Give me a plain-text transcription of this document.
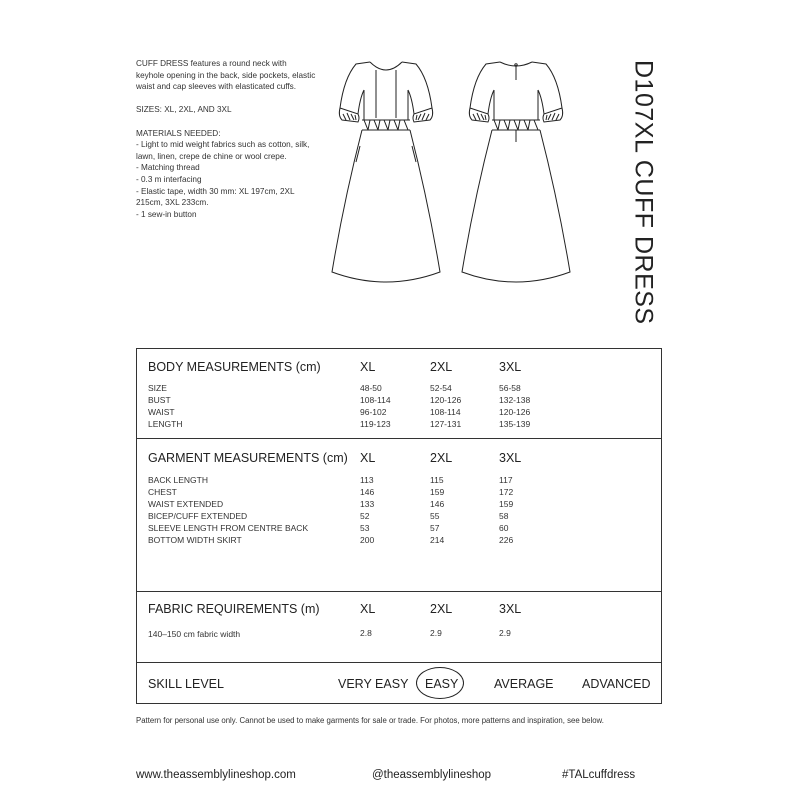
CUFF DRESS features a round neck with keyhole opening in the back, side pockets, elastic waist and cap sleeves with elasticated cuffs.

SIZES: XL, 2XL, AND 3XL

MATERIALS NEEDED:

- Light to mid weight fabrics such as cotton, silk, lawn, linen, crepe de chine or wool crepe.
- Matching thread
- 0.3 m interfacing
- Elastic tape, width 30 mm: XL 197cm, 2XL 215cm, 3XL 233cm.
- 1 sew-in button	D107XL CUFF DRESS
BODY MEASUREMENTS (cm)	XL	2XL	3XL
SIZE	48-50	52-54	56-58
BUST	108-114	120-126	132-138
WAIST	96-102	108-114	120-126
LENGTH	119-123	127-131	135-139
GARMENT MEASUREMENTS (cm) XL	2XL	3XL
BACK LENGTH	113	115	117
CHEST	146	159	172
WAIST EXTENDED	133	146	159
BICEP/CUFF EXTENDED	52	55	58
SLEEVE LENGTH FROM CENTRE BACK	53	57	60
BOTTOM WIDTH SKIRT	200	214	226
FABRIC REQUIREMENTS (m)	XL	2XL	3XL
140–150 cm fabric width	2.8	2.9	2.9
SKILL LEVEL	VERY EASY EASY	AVERAGE ADVANCED
Pattern for personal use only. Cannot be used to make garments for sale or trade. For photos, more patterns and inspiration, see below.
www.theassemblylineshop.com	@theassemblylineshop	#TALcuffdress
